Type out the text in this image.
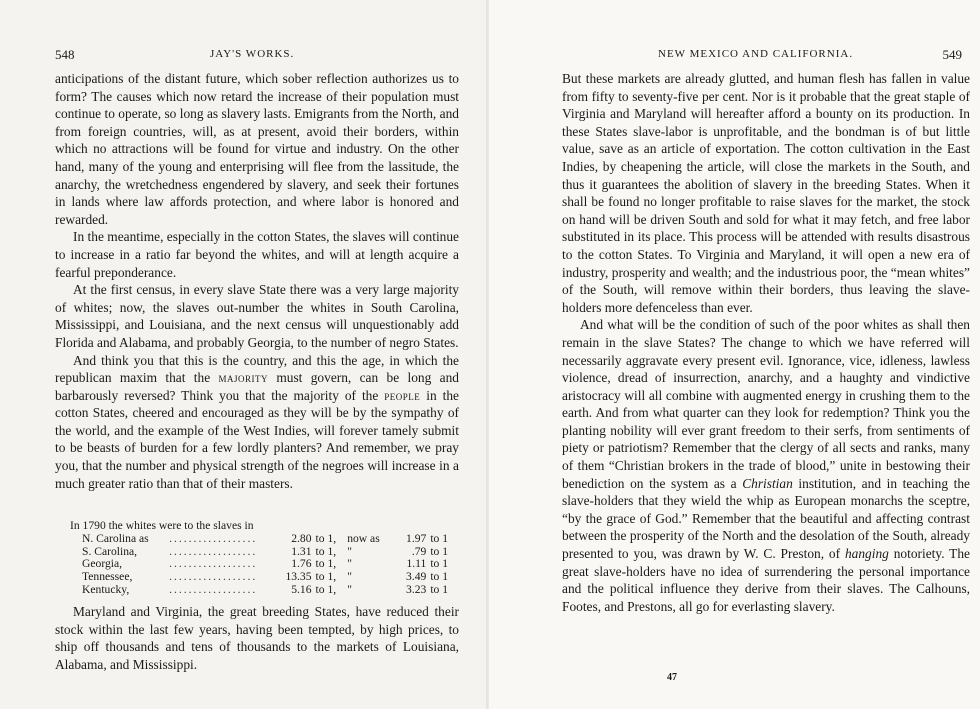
548	JAY'S WORKS.

anticipations of the distant future, which sober reflection authorizes us to form? The causes which now retard the increase of their population must continue to operate, so long as slavery lasts. Emigrants from the North, and from foreign countries, will, as at present, avoid their borders, within which no attractions will be found for virtue and industry. On the other hand, many of the young and enterprising will flee from the lassitude, the anarchy, the wretchedness engendered by slavery, and seek their fortunes in lands where law affords protection, and where labor is honored and rewarded.

In the meantime, especially in the cotton States, the slaves will continue to increase in a ratio far beyond the whites, and will at length acquire a fearful preponderance.

At the first census, in every slave State there was a very large majority of whites; now, the slaves out-number the whites in South Carolina, Mississippi, and Louisiana, and the next census will unquestionably add Florida and Alabama, and probably Georgia, to the number of negro States.

And think you that this is the country, and this the age, in which the republican maxim that the majority must govern, can be long and barbarously reversed? Think you that the majority of the people in the cotton States, cheered and encouraged as they will be by the sympathy of the world, and the example of the West Indies, will forever tamely submit to be beasts of burden for a few lordly planters? And remember, we pray you, that the number and physical strength of the negroes will increase in a much greater ratio than that of their masters.

In 1790 the whites were to the slaves in
N. Carolina as	..................	2.80 to 1, now as	1.97 to 1
S. Carolina,	..................	1.31 to 1, "	.79 to 1
Georgia,	..................	1.76 to 1, "	1.11 to 1
Tennessee,	..................	13.35 to 1, "	3.49 to 1
Kentucky,	..................	5.16 to 1, "	3.23 to 1

Maryland and Virginia, the great breeding States, have reduced their stock within the last few years, having been tempted, by high prices, to ship off thousands and tens of thousands to the markets of Louisiana, Alabama, and Mississippi.

NEW MEXICO AND CALIFORNIA.	549

But these markets are already glutted, and human flesh has fallen in value from fifty to seventy-five per cent. Nor is it probable that the great staple of Virginia and Maryland will hereafter afford a bounty on its production. In these States slave-labor is unprofitable, and the bondman is of but little value, save as an article of exportation. The cotton cultivation in the East Indies, by cheapening the article, will close the markets in the South, and thus it guarantees the abolition of slavery in the breeding States. When it shall be found no longer profitable to raise slaves for the market, the stock on hand will be driven South and sold for what it may fetch, and free labor substituted in its place. This process will be attended with results disastrous to the cotton States. To Virginia and Maryland, it will open a new era of industry, prosperity and wealth; and the industrious poor, the “mean whites” of the South, will remove within their borders, thus leaving the slave-holders more defenceless than ever.

And what will be the condition of such of the poor whites as shall then remain in the slave States? The change to which we have referred will necessarily aggravate every present evil. Ignorance, vice, idleness, lawless violence, dread of insurrection, anarchy, and a haughty and vindictive aristocracy will all combine with augmented energy in crushing them to the earth. And from what quarter can they look for redemption? Think you the planting nobility will ever grant freedom to their serfs, from sentiments of piety or patriotism? Remember that the clergy of all sects and ranks, many of them “Christian brokers in the trade of blood,” unite in bestowing their benediction on the system as a Christian institution, and in teaching the slave-holders that they wield the whip as European monarchs the sceptre, “by the grace of God.” Remember that the beautiful and affecting contrast between the prosperity of the North and the desolation of the South, already presented to you, was drawn by W. C. Preston, of hanging notoriety. The great slave-holders have no idea of surrendering the personal importance and the political influence they derive from their slaves. The Calhouns, Footes, and Prestons, all go for everlasting slavery.

47
